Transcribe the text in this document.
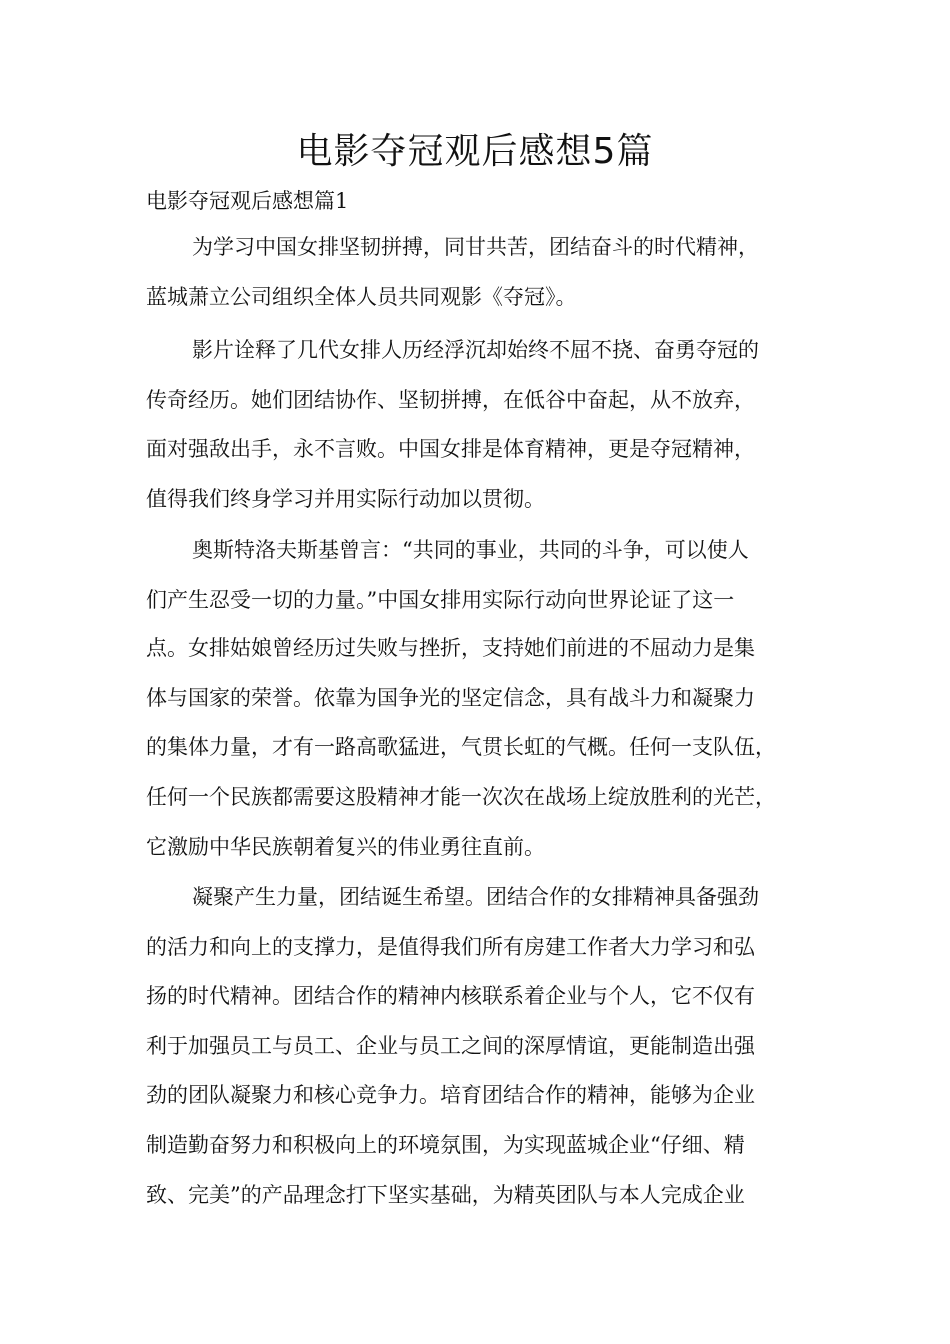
电影夺冠观后感想5篇

电影夺冠观后感想篇1

为学习中国女排坚韧拼搏，同甘共苦，团结奋斗的时代精神，
蓝城萧立公司组织全体人员共同观影《夺冠》。
影片诠释了几代女排人历经浮沉却始终不屈不挠、奋勇夺冠的
传奇经历。她们团结协作、坚韧拼搏，在低谷中奋起，从不放弃，
面对强敌出手，永不言败。中国女排是体育精神，更是夺冠精神，
值得我们终身学习并用实际行动加以贯彻。
奥斯特洛夫斯基曾言：“共同的事业，共同的斗争，可以使人
们产生忍受一切的力量。”中国女排用实际行动向世界论证了这一
点。女排姑娘曾经历过失败与挫折，支持她们前进的不屈动力是集
体与国家的荣誉。依靠为国争光的坚定信念，具有战斗力和凝聚力
的集体力量，才有一路高歌猛进，气贯长虹的气概。任何一支队伍，
任何一个民族都需要这股精神才能一次次在战场上绽放胜利的光芒，
它激励中华民族朝着复兴的伟业勇往直前。
凝聚产生力量，团结诞生希望。团结合作的女排精神具备强劲
的活力和向上的支撑力，是值得我们所有房建工作者大力学习和弘
扬的时代精神。团结合作的精神内核联系着企业与个人，它不仅有
利于加强员工与员工、企业与员工之间的深厚情谊，更能制造出强
劲的团队凝聚力和核心竞争力。培育团结合作的精神，能够为企业
制造勤奋努力和积极向上的环境氛围，为实现蓝城企业“仔细、精
致、完美”的产品理念打下坚实基础，为精英团队与本人完成企业
